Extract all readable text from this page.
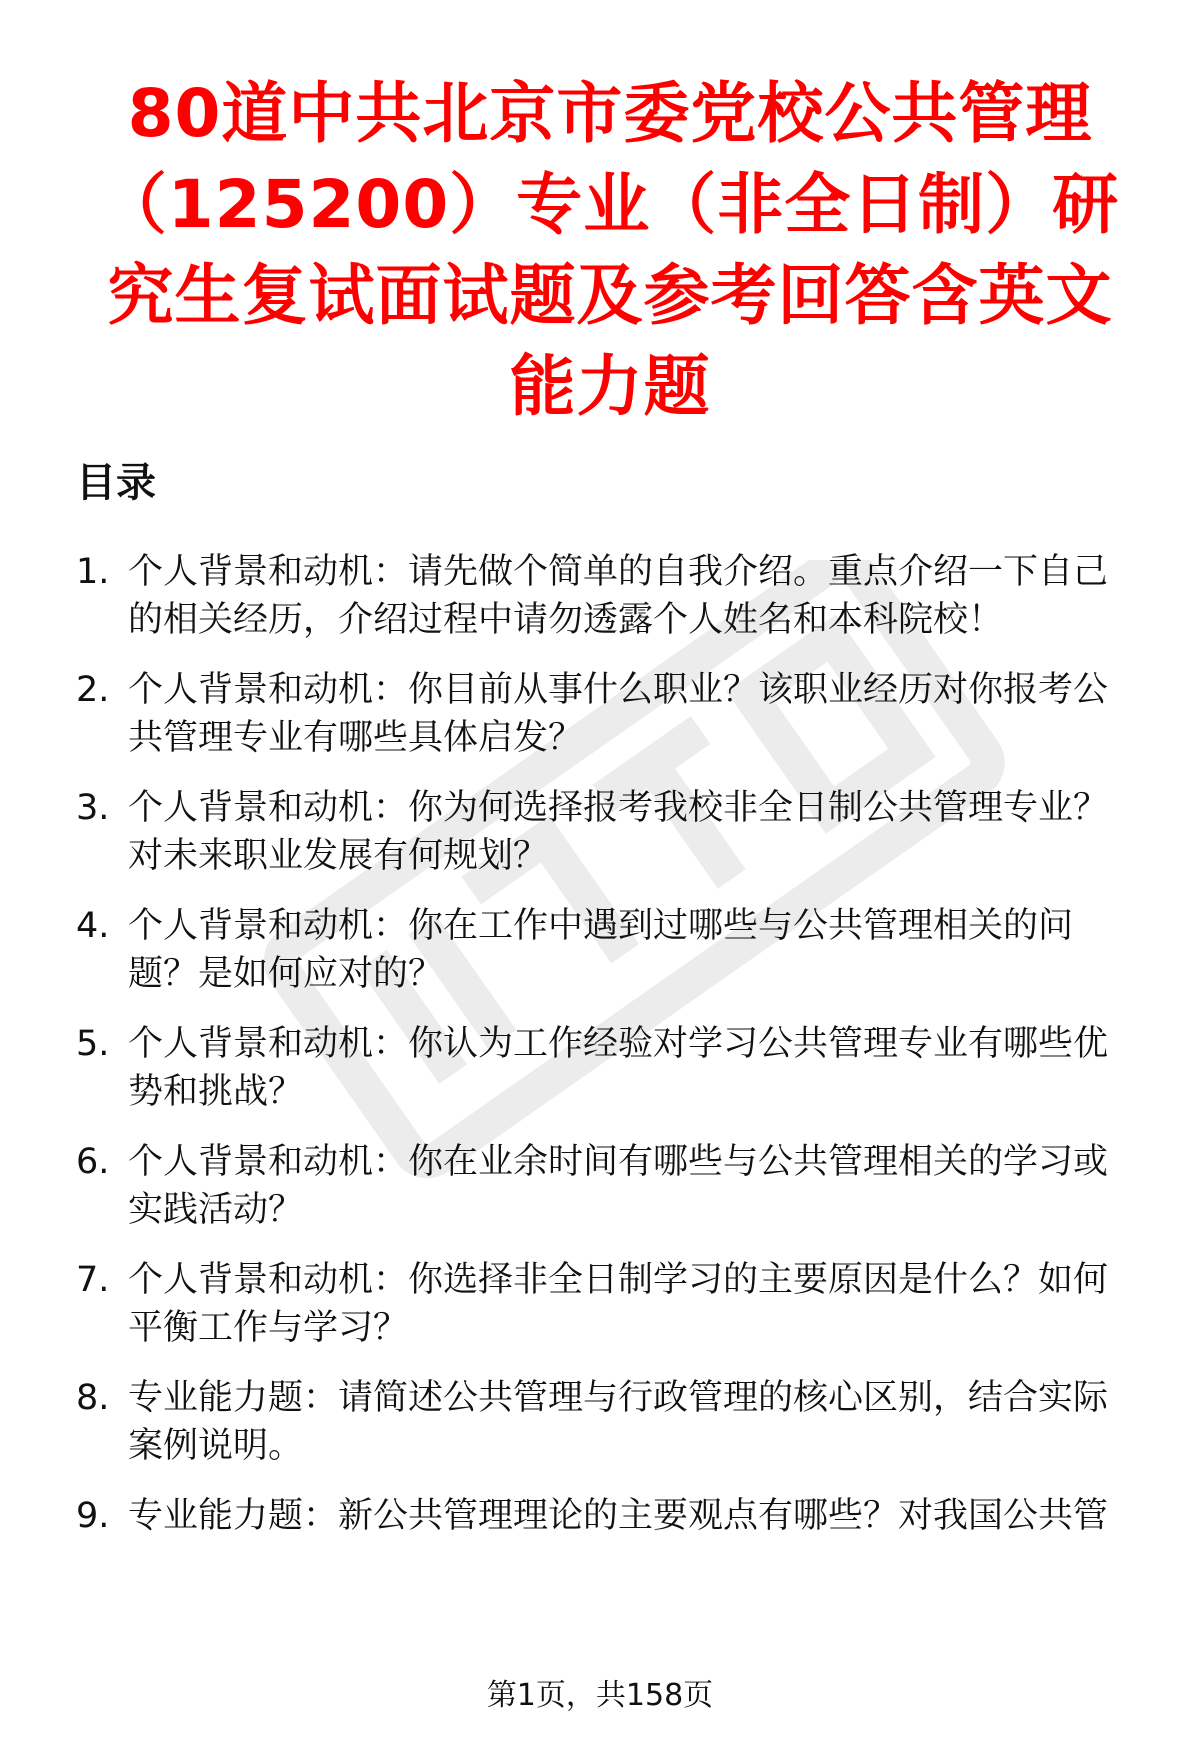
80道中共北京市委党校公共管理（125200）专业（非全日制）研究生复试面试题及参考回答含英文能力题
目录
1. 个人背景和动机：请先做个简单的自我介绍。重点介绍一下自己的相关经历，介绍过程中请勿透露个人姓名和本科院校！
2. 个人背景和动机：你目前从事什么职业？该职业经历对你报考公共管理专业有哪些具体启发？
3. 个人背景和动机：你为何选择报考我校非全日制公共管理专业？对未来职业发展有何规划？
4. 个人背景和动机：你在工作中遇到过哪些与公共管理相关的问题？是如何应对的？
5. 个人背景和动机：你认为工作经验对学习公共管理专业有哪些优势和挑战？
6. 个人背景和动机：你在业余时间有哪些与公共管理相关的学习或实践活动？
7. 个人背景和动机：你选择非全日制学习的主要原因是什么？如何平衡工作与学习？
8. 专业能力题：请简述公共管理与行政管理的核心区别，结合实际案例说明。
9. 专业能力题：新公共管理理论的主要观点有哪些？对我国公共管
第1页，共158页
